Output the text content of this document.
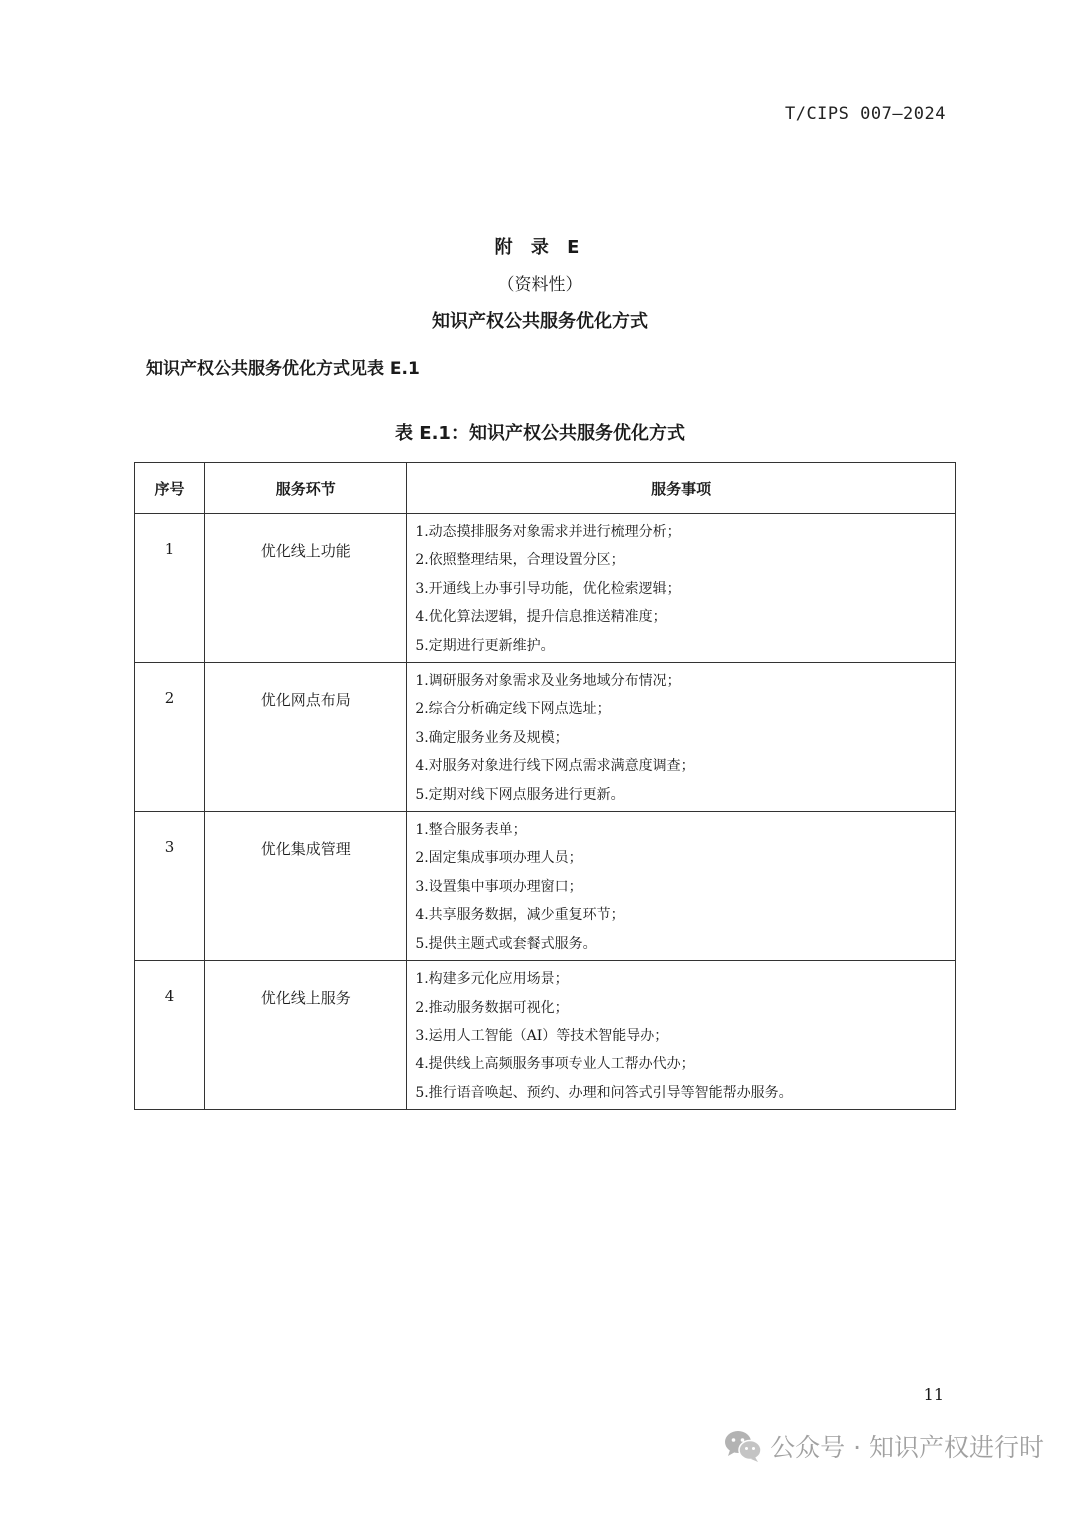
T/CIPS 007—2024
附 录 E
（资料性）
知识产权公共服务优化方式
知识产权公共服务优化方式见表 E.1
表 E.1：知识产权公共服务优化方式
序号	服务环节	服务事项
1	优化线上功能	1.动态摸排服务对象需求并进行梳理分析；
2.依照整理结果，合理设置分区；
3.开通线上办事引导功能，优化检索逻辑；
4.优化算法逻辑，提升信息推送精准度；
5.定期进行更新维护。

2	优化网点布局	1.调研服务对象需求及业务地域分布情况；
2.综合分析确定线下网点选址；
3.确定服务业务及规模；
4.对服务对象进行线下网点需求满意度调查；
5.定期对线下网点服务进行更新。

3	优化集成管理	1.整合服务表单；
2.固定集成事项办理人员；
3.设置集中事项办理窗口；
4.共享服务数据，减少重复环节；
5.提供主题式或套餐式服务。

4	优化线上服务	1.构建多元化应用场景；
2.推动服务数据可视化；
3.运用人工智能（AI）等技术智能导办；
4.提供线上高频服务事项专业人工帮办代办；
5.推行语音唤起、预约、办理和问答式引导等智能帮办服务。
11
公众号 · 知识产权进行时
